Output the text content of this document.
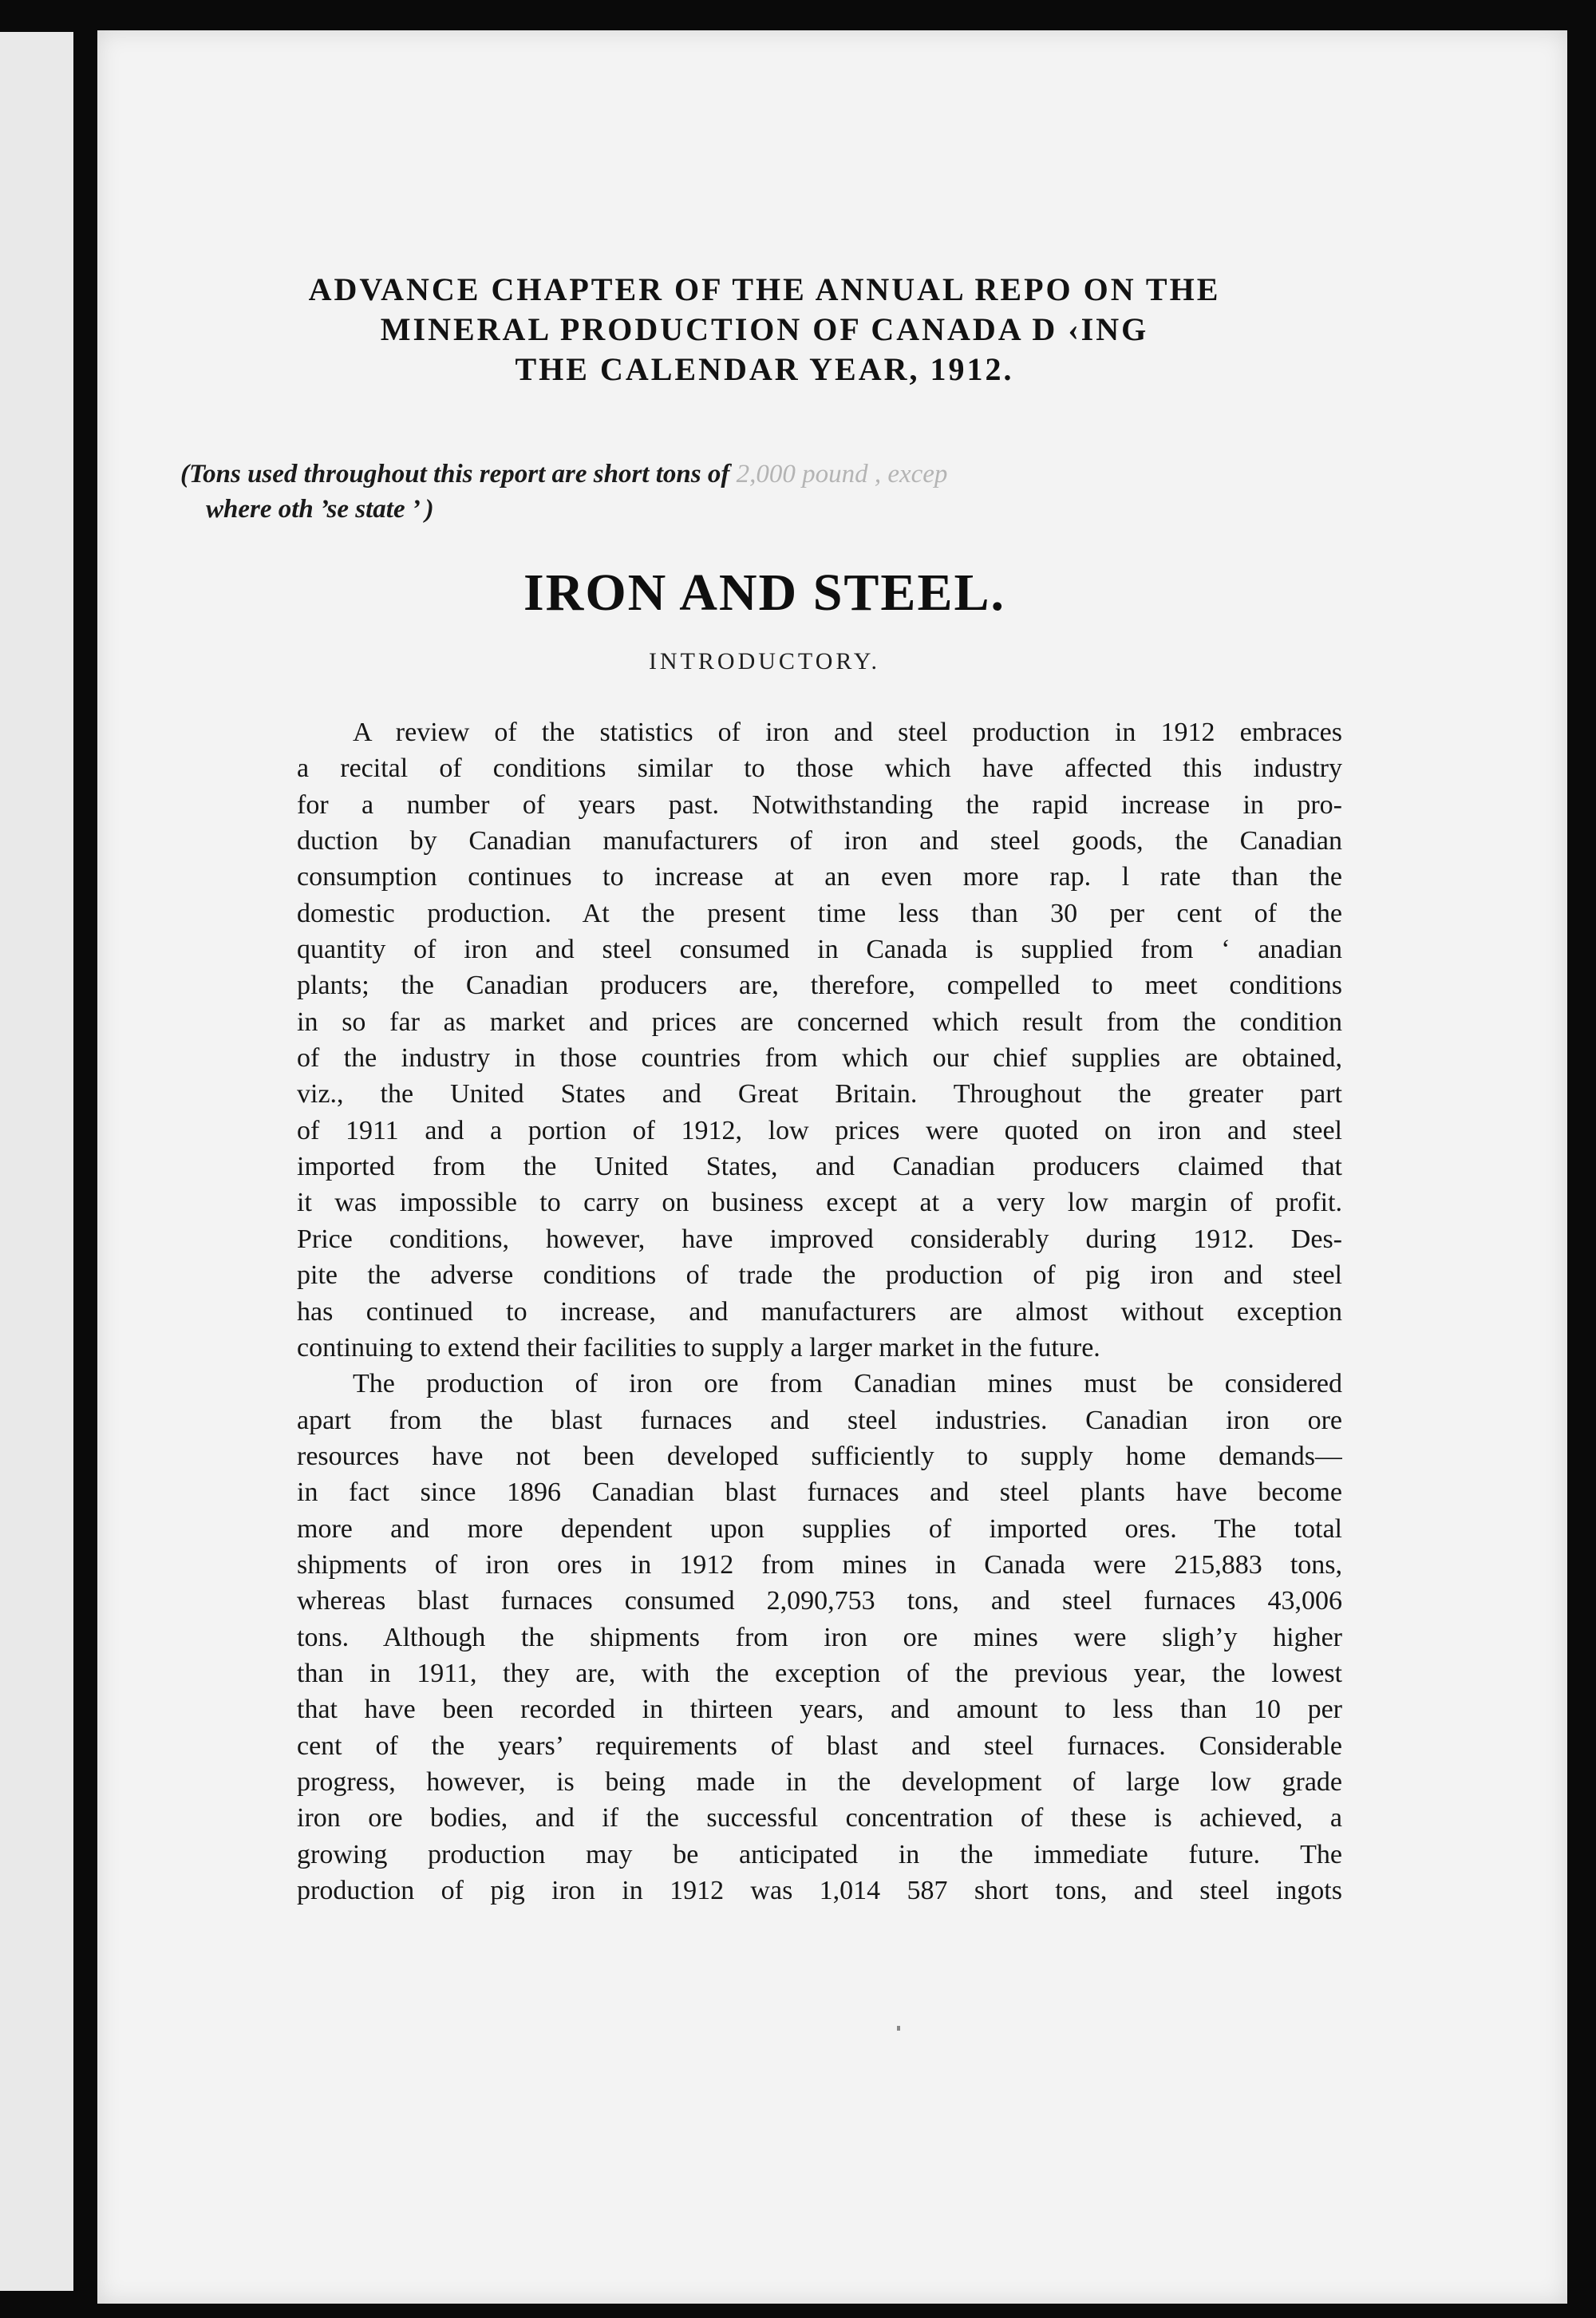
ADVANCE CHAPTER OF THE ANNUAL REPO ON THE
MINERAL PRODUCTION OF CANADA D ‹ING
THE CALENDAR YEAR, 1912.
(Tons used throughout this report are short tons of 2,000 pound , excep
where oth ’se state ’ )
IRON AND STEEL.
INTRODUCTORY.
A review of the statistics of iron and steel production in 1912 embraces
a recital of conditions similar to those which have affected this industry
for a number of years past. Notwithstanding the rapid increase in pro-
duction by Canadian manufacturers of iron and steel goods, the Canadian
consumption continues to increase at an even more rap. l rate than the
domestic production. At the present time less than 30 per cent of the
quantity of iron and steel consumed in Canada is supplied from ‘ anadian
plants; the Canadian producers are, therefore, compelled to meet conditions
in so far as market and prices are concerned which result from the condition
of the industry in those countries from which our chief supplies are obtained,
viz., the United States and Great Britain. Throughout the greater part
of 1911 and a portion of 1912, low prices were quoted on iron and steel
imported from the United States, and Canadian producers claimed that
it was impossible to carry on business except at a very low margin of profit.
Price conditions, however, have improved considerably during 1912. Des-
pite the adverse conditions of trade the production of pig iron and steel
has continued to increase, and manufacturers are almost without exception
continuing to extend their facilities to supply a larger market in the future.
The production of iron ore from Canadian mines must be considered
apart from the blast furnaces and steel industries. Canadian iron ore
resources have not been developed sufficiently to supply home demands—
in fact since 1896 Canadian blast furnaces and steel plants have become
more and more dependent upon supplies of imported ores. The total
shipments of iron ores in 1912 from mines in Canada were 215,883 tons,
whereas blast furnaces consumed 2,090,753 tons, and steel furnaces 43,006
tons. Although the shipments from iron ore mines were sligh’y higher
than in 1911, they are, with the exception of the previous year, the lowest
that have been recorded in thirteen years, and amount to less than 10 per
cent of the years’ requirements of blast and steel furnaces. Considerable
progress, however, is being made in the development of large low grade
iron ore bodies, and if the successful concentration of these is achieved, a
growing production may be anticipated in the immediate future. The
production of pig iron in 1912 was 1,014 587 short tons, and steel ingots
